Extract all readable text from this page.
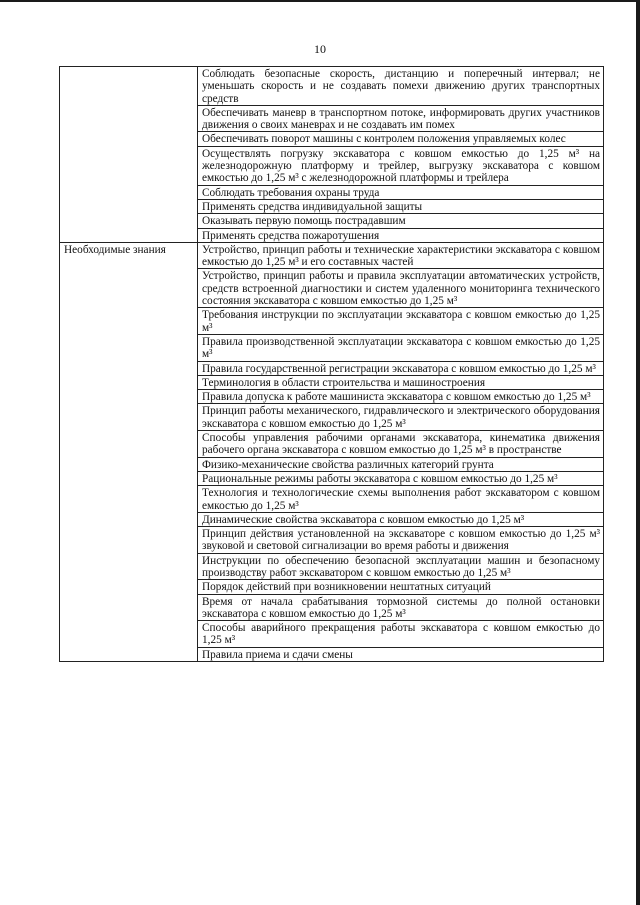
10
	Соблюдать безопасные скорость, дистанцию и поперечный интервал; не уменьшать скорость и не создавать помехи движению других транспортных средств
	Обеспечивать маневр в транспортном потоке, информировать других участников движения о своих маневрах и не создавать им помех
	Обеспечивать поворот машины с контролем положения управляемых колес
	Осуществлять погрузку экскаватора с ковшом емкостью до 1,25 м³ на железнодорожную платформу и трейлер, выгрузку экскаватора с ковшом емкостью до 1,25 м³ с железнодорожной платформы и трейлера
	Соблюдать требования охраны труда
	Применять средства индивидуальной защиты
	Оказывать первую помощь пострадавшим
	Применять средства пожаротушения
Необходимые знания	Устройство, принцип работы и технические характеристики экскаватора с ковшом емкостью до 1,25 м³ и его составных частей
	Устройство, принцип работы и правила эксплуатации автоматических устройств, средств встроенной диагностики и систем удаленного мониторинга технического состояния экскаватора с ковшом емкостью до 1,25 м³
	Требования инструкции по эксплуатации экскаватора с ковшом емкостью до 1,25 м³
	Правила производственной эксплуатации экскаватора с ковшом емкостью до 1,25 м³
	Правила государственной регистрации экскаватора с ковшом емкостью до 1,25 м³
	Терминология в области строительства и машиностроения
	Правила допуска к работе машиниста экскаватора с ковшом емкостью до 1,25 м³
	Принцип работы механического, гидравлического и электрического оборудования экскаватора с ковшом емкостью до 1,25 м³
	Способы управления рабочими органами экскаватора, кинематика движения рабочего органа экскаватора с ковшом емкостью до 1,25 м³ в пространстве
	Физико-механические свойства различных категорий грунта
	Рациональные режимы работы экскаватора с ковшом емкостью до 1,25 м³
	Технология и технологические схемы выполнения работ экскаватором с ковшом емкостью до 1,25 м³
	Динамические свойства экскаватора с ковшом емкостью до 1,25 м³
	Принцип действия установленной на экскаваторе с ковшом емкостью до 1,25 м³ звуковой и световой сигнализации во время работы и движения
	Инструкции по обеспечению безопасной эксплуатации машин и безопасному производству работ экскаватором с ковшом емкостью до 1,25 м³
	Порядок действий при возникновении нештатных ситуаций
	Время от начала срабатывания тормозной системы до полной остановки экскаватора с ковшом емкостью до 1,25 м³
	Способы аварийного прекращения работы экскаватора с ковшом емкостью до 1,25 м³
	Правила приема и сдачи смены
